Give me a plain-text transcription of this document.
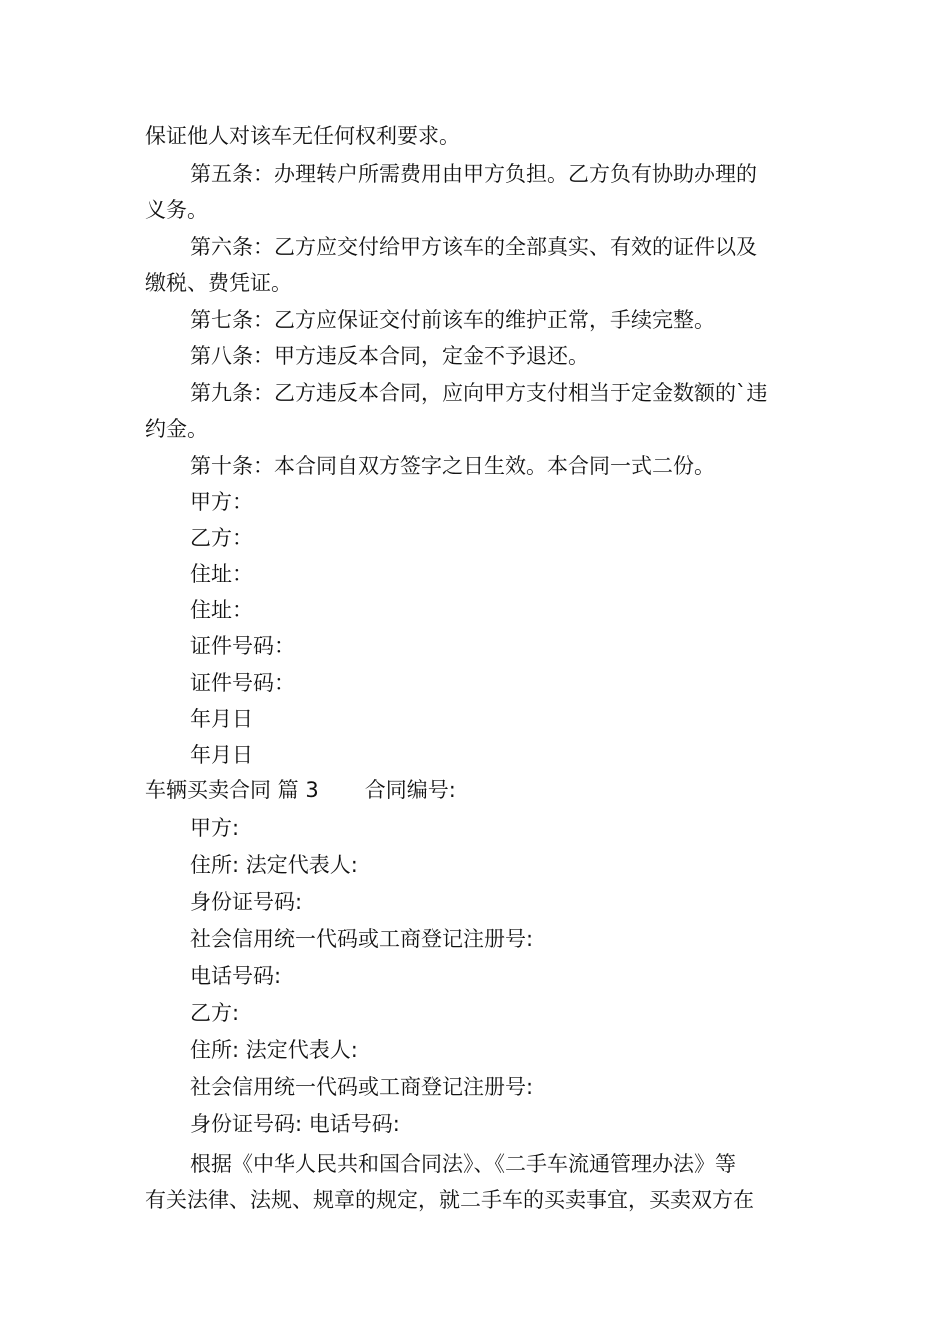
保证他人对该车无任何权利要求。
第五条：办理转户所需费用由甲方负担。乙方负有协助办理的
义务。
第六条：乙方应交付给甲方该车的全部真实、有效的证件以及
缴税、费凭证。
第七条：乙方应保证交付前该车的维护正常，手续完整。
第八条：甲方违反本合同，定金不予退还。
第九条：乙方违反本合同，应向甲方支付相当于定金数额的`违
约金。
第十条：本合同自双方签字之日生效。本合同一式二份。
甲方：
乙方：
住址：
住址：
证件号码：
证件号码：
年月日
年月日
车辆买卖合同 篇 3 合同编号:
甲方:
住所: 法定代表人:
身份证号码:
社会信用统一代码或工商登记注册号:
电话号码:
乙方:
住所: 法定代表人:
社会信用统一代码或工商登记注册号:
身份证号码: 电话号码:
根据《中华人民共和国合同法》、《二手车流通管理办法》等
有关法律、法规、规章的规定，就二手车的买卖事宜，买卖双方在
